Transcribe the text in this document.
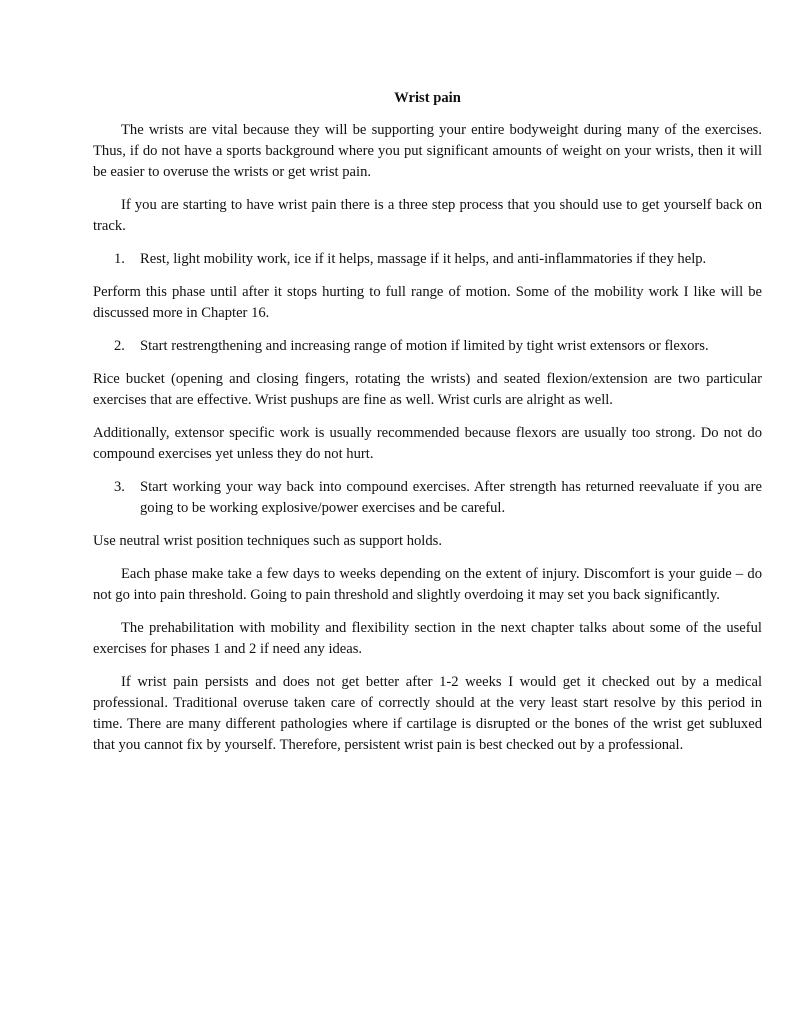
Wrist pain

The wrists are vital because they will be supporting your entire bodyweight during many of the exercises. Thus, if do not have a sports background where you put significant amounts of weight on your wrists, then it will be easier to overuse the wrists or get wrist pain.

If you are starting to have wrist pain there is a three step process that you should use to get yourself back on track.

1.	Rest, light mobility work, ice if it helps, massage if it helps, and anti-inflammatories if they help.

Perform this phase until after it stops hurting to full range of motion. Some of the mobility work I like will be discussed more in Chapter 16.

2.	Start restrengthening and increasing range of motion if limited by tight wrist extensors or flexors.

Rice bucket (opening and closing fingers, rotating the wrists) and seated flexion/extension are two particular exercises that are effective. Wrist pushups are fine as well. Wrist curls are alright as well.

Additionally, extensor specific work is usually recommended because flexors are usually too strong. Do not do compound exercises yet unless they do not hurt.

3.	Start working your way back into compound exercises. After strength has returned reevaluate if you are going to be working explosive/power exercises and be careful.

Use neutral wrist position techniques such as support holds.

Each phase make take a few days to weeks depending on the extent of injury. Discomfort is your guide – do not go into pain threshold. Going to pain threshold and slightly overdoing it may set you back significantly.

The prehabilitation with mobility and flexibility section in the next chapter talks about some of the useful exercises for phases 1 and 2 if need any ideas.

If wrist pain persists and does not get better after 1-2 weeks I would get it checked out by a medical professional. Traditional overuse taken care of correctly should at the very least start resolve by this period in time. There are many different pathologies where if cartilage is disrupted or the bones of the wrist get subluxed that you cannot fix by yourself. Therefore, persistent wrist pain is best checked out by a professional.
